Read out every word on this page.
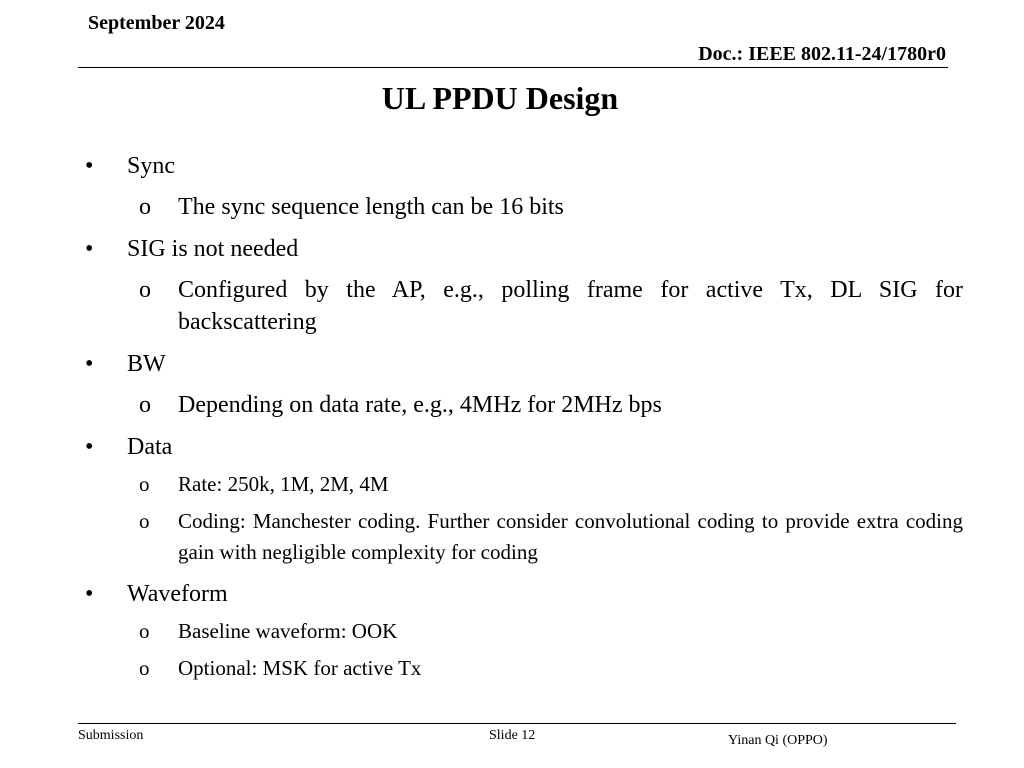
September 2024
Doc.: IEEE 802.11-24/1780r0
UL PPDU Design
• Sync
o The sync sequence length can be 16 bits
• SIG is not needed
o Configured by the AP, e.g., polling frame for active Tx, DL SIG for backscattering
• BW
o Depending on data rate, e.g., 4MHz for 2MHz bps
• Data
o Rate: 250k, 1M, 2M, 4M
o Coding: Manchester coding. Further consider convolutional coding to provide extra coding gain with negligible complexity for coding
• Waveform
o Baseline waveform: OOK
o Optional: MSK for active Tx
Submission	Slide 12	Yinan Qi (OPPO)
